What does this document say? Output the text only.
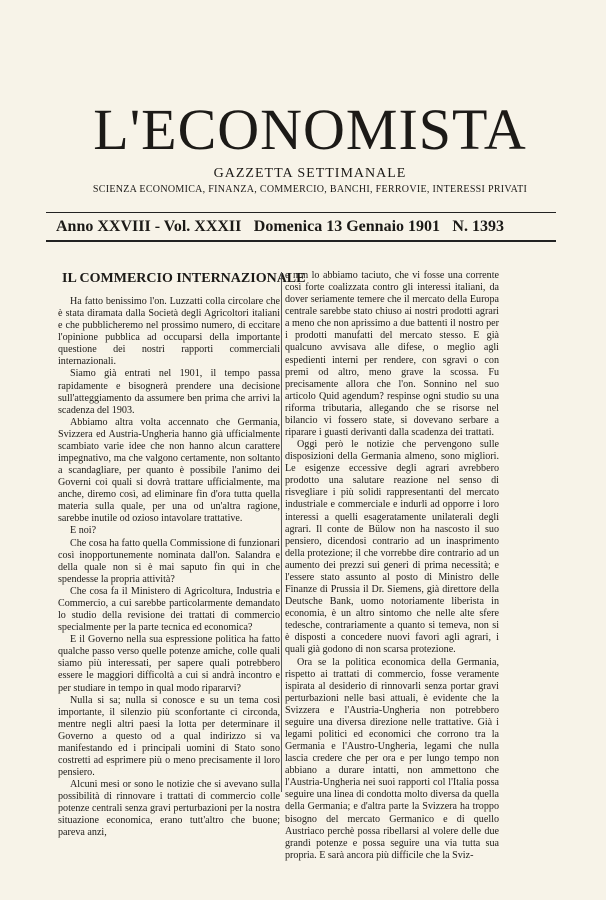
L'ECONOMISTA
GAZZETTA SETTIMANALE
SCIENZA ECONOMICA, FINANZA, COMMERCIO, BANCHI, FERROVIE, INTERESSI PRIVATI
Anno XXVIII - Vol. XXXII Domenica 13 Gennaio 1901 N. 1393
IL COMMERCIO INTERNAZIONALE

Ha fatto benissimo l'on. Luzzatti colla circolare che è stata diramata dalla Società degli Agricoltori italiani e che pubblicheremo nel prossimo numero, di eccitare l'opinione pubblica ad occuparsi della importante questione dei nostri rapporti commerciali internazionali.

Siamo già entrati nel 1901, il tempo passa rapidamente e bisognerà prendere una decisione sull'atteggiamento da assumere ben prima che arrivi la scadenza del 1903.

Abbiamo altra volta accennato che Germania, Svizzera ed Austria-Ungheria hanno già ufficialmente scambiato varie idee che non hanno alcun carattere impegnativo, ma che valgono certamente, non soltanto a scandagliare, per quanto è possibile l'animo dei Governi coi quali si dovrà trattare ufficialmente, ma anche, diremo così, ad eliminare fin d'ora tutta quella materia sulla quale, per una od un'altra ragione, sarebbe inutile od ozioso intavolare trattative.

E noi?

Che cosa ha fatto quella Commissione di funzionari così inopportunemente nominata dall'on. Salandra e della quale non si è mai saputo fin qui in che spendesse la propria attività?

Che cosa fa il Ministero di Agricoltura, Industria e Commercio, a cui sarebbe particolarmente demandato lo studio della revisione dei trattati di commercio specialmente per la parte tecnica ed economica?

E il Governo nella sua espressione politica ha fatto qualche passo verso quelle potenze amiche, colle quali siamo più interessati, per sapere quali potrebbero essere le maggiori difficoltà a cui si andrà incontro e per studiare in tempo in qual modo ripararvi?

Nulla si sa; nulla si conosce e su un tema così importante, il silenzio più sconfortante ci circonda, mentre negli altri paesi la lotta per determinare il Governo a questo od a qual indirizzo si va manifestando ed i principali uomini di Stato sono costretti ad esprimere più o meno precisamente il loro pensiero.

Alcuni mesi or sono le notizie che si avevano sulla possibilità di rinnovare i trattati di commercio colle potenze centrali senza gravi perturbazioni per la nostra situazione economica, erano tutt'altro che buone; pareva anzi,

e non lo abbiamo taciuto, che vi fosse una corrente così forte coalizzata contro gli interessi italiani, da dover seriamente temere che il mercato della Europa centrale sarebbe stato chiuso ai nostri prodotti agrari a meno che non aprissimo a due battenti il nostro per i prodotti manufatti del mercato stesso. E già qualcuno avvisava alle difese, o meglio agli espedienti interni per rendere, con sgravi o con premi od altro, meno grave la scossa. Fu precisamente allora che l'on. Sonnino nel suo articolo Quid agendum? respinse ogni studio su una riforma tributaria, allegando che se risorse nel bilancio vi fossero state, si dovevano serbare a riparare i guasti derivanti dalla scadenza dei trattati.

Oggi però le notizie che pervengono sulle disposizioni della Germania almeno, sono migliori. Le esigenze eccessive degli agrari avrebbero prodotto una salutare reazione nel senso di risvegliare i più solidi rappresentanti del mercato industriale e commerciale e indurli ad opporre i loro interessi a quelli esageratamente unilaterali degli agrari. Il conte de Bülow non ha nascosto il suo pensiero, dicendosi contrario ad un inasprimento della protezione; il che vorrebbe dire contrario ad un aumento dei prezzi sui generi di prima necessità; e l'essere stato assunto al posto di Ministro delle Finanze di Prussia il Dr. Siemens, già direttore della Deutsche Bank, uomo notoriamente liberista in economia, è un altro sintomo che nelle alte sfere tedesche, contrariamente a quanto si temeva, non si è disposti a concedere nuovi favori agli agrari, i quali già godono di non scarsa protezione.

Ora se la politica economica della Germania, rispetto ai trattati di commercio, fosse veramente ispirata al desiderio di rinnovarli senza portar gravi perturbazioni nelle basi attuali, è evidente che la Svizzera e l'Austria-Ungheria non potrebbero seguire una diversa direzione nelle trattative. Già i legami politici ed economici che corrono tra la Germania e l'Austro-Ungheria, legami che nulla lascia credere che per ora e per lungo tempo non abbiano a durare intatti, non ammettono che l'Austria-Ungheria nei suoi rapporti col l'Italia possa seguire una linea di condotta molto diversa da quella della Germania; e d'altra parte la Svizzera ha troppo bisogno del mercato Germanico e di quello Austriaco perchè possa ribellarsi al volere delle due grandi potenze e possa seguire una via tutta sua propria. E sarà ancora più difficile che la Sviz-
